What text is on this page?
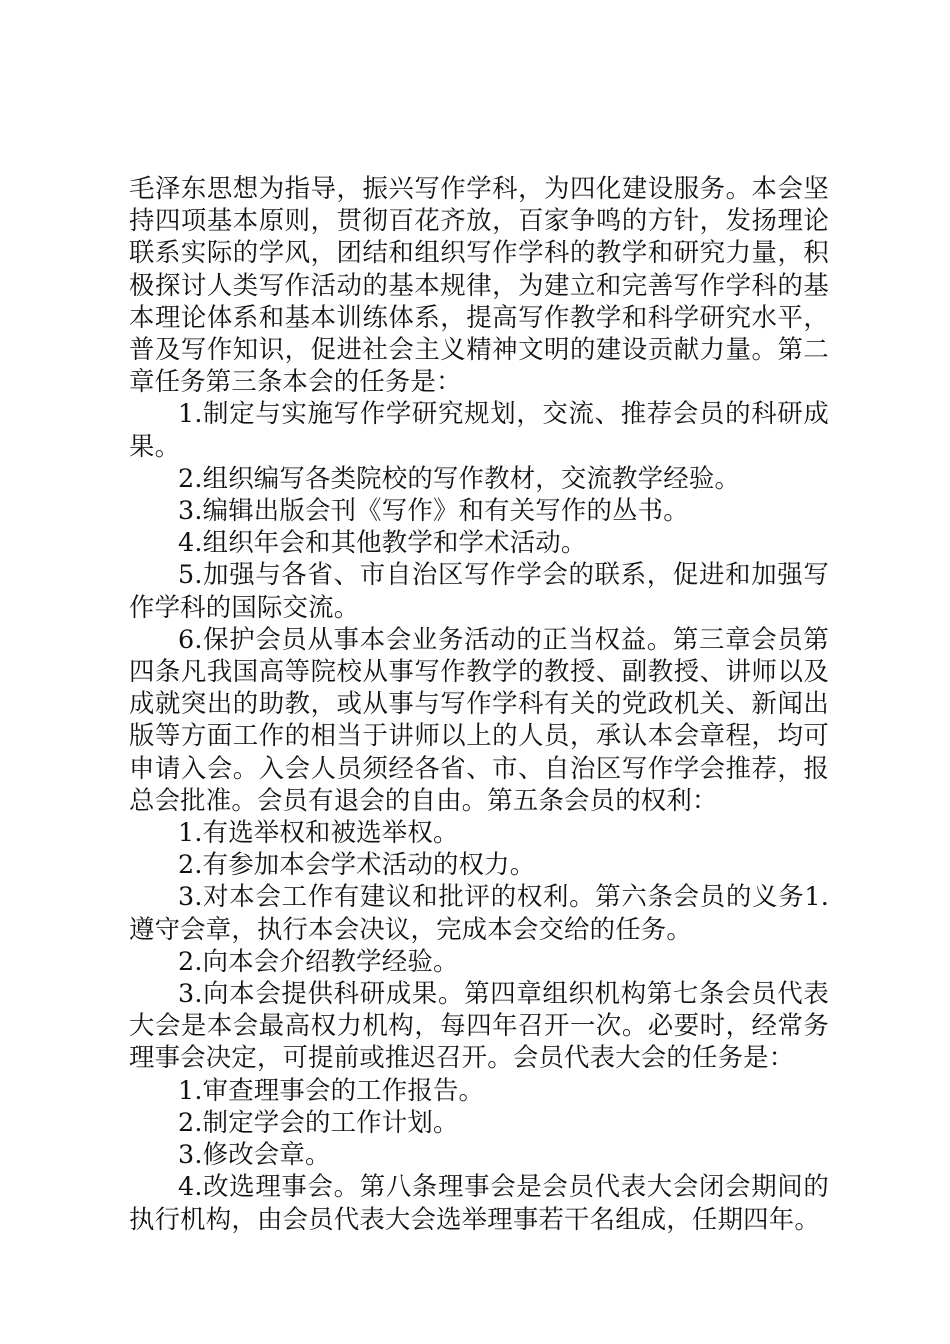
毛泽东思想为指导，振兴写作学科，为四化建设服务。本会坚持四项基本原则，贯彻百花齐放，百家争鸣的方针，发扬理论联系实际的学风，团结和组织写作学科的教学和研究力量，积极探讨人类写作活动的基本规律，为建立和完善写作学科的基本理论体系和基本训练体系，提高写作教学和科学研究水平，普及写作知识，促进社会主义精神文明的建设贡献力量。第二章任务第三条本会的任务是：

1.制定与实施写作学研究规划，交流、推荐会员的科研成果。

2.组织编写各类院校的写作教材，交流教学经验。

3.编辑出版会刊《写作》和有关写作的丛书。

4.组织年会和其他教学和学术活动。

5.加强与各省、市自治区写作学会的联系，促进和加强写作学科的国际交流。

6.保护会员从事本会业务活动的正当权益。第三章会员第四条凡我国高等院校从事写作教学的教授、副教授、讲师以及成就突出的助教，或从事与写作学科有关的党政机关、新闻出版等方面工作的相当于讲师以上的人员，承认本会章程，均可申请入会。入会人员须经各省、市、自治区写作学会推荐，报总会批准。会员有退会的自由。第五条会员的权利：

1.有选举权和被选举权。

2.有参加本会学术活动的权力。

3.对本会工作有建议和批评的权利。第六条会员的义务1.遵守会章，执行本会决议，完成本会交给的任务。

2.向本会介绍教学经验。

3.向本会提供科研成果。第四章组织机构第七条会员代表大会是本会最高权力机构，每四年召开一次。必要时，经常务理事会决定，可提前或推迟召开。会员代表大会的任务是：

1.审查理事会的工作报告。

2.制定学会的工作计划。

3.修改会章。

4.改选理事会。第八条理事会是会员代表大会闭会期间的执行机构，由会员代表大会选举理事若干名组成，任期四年。
